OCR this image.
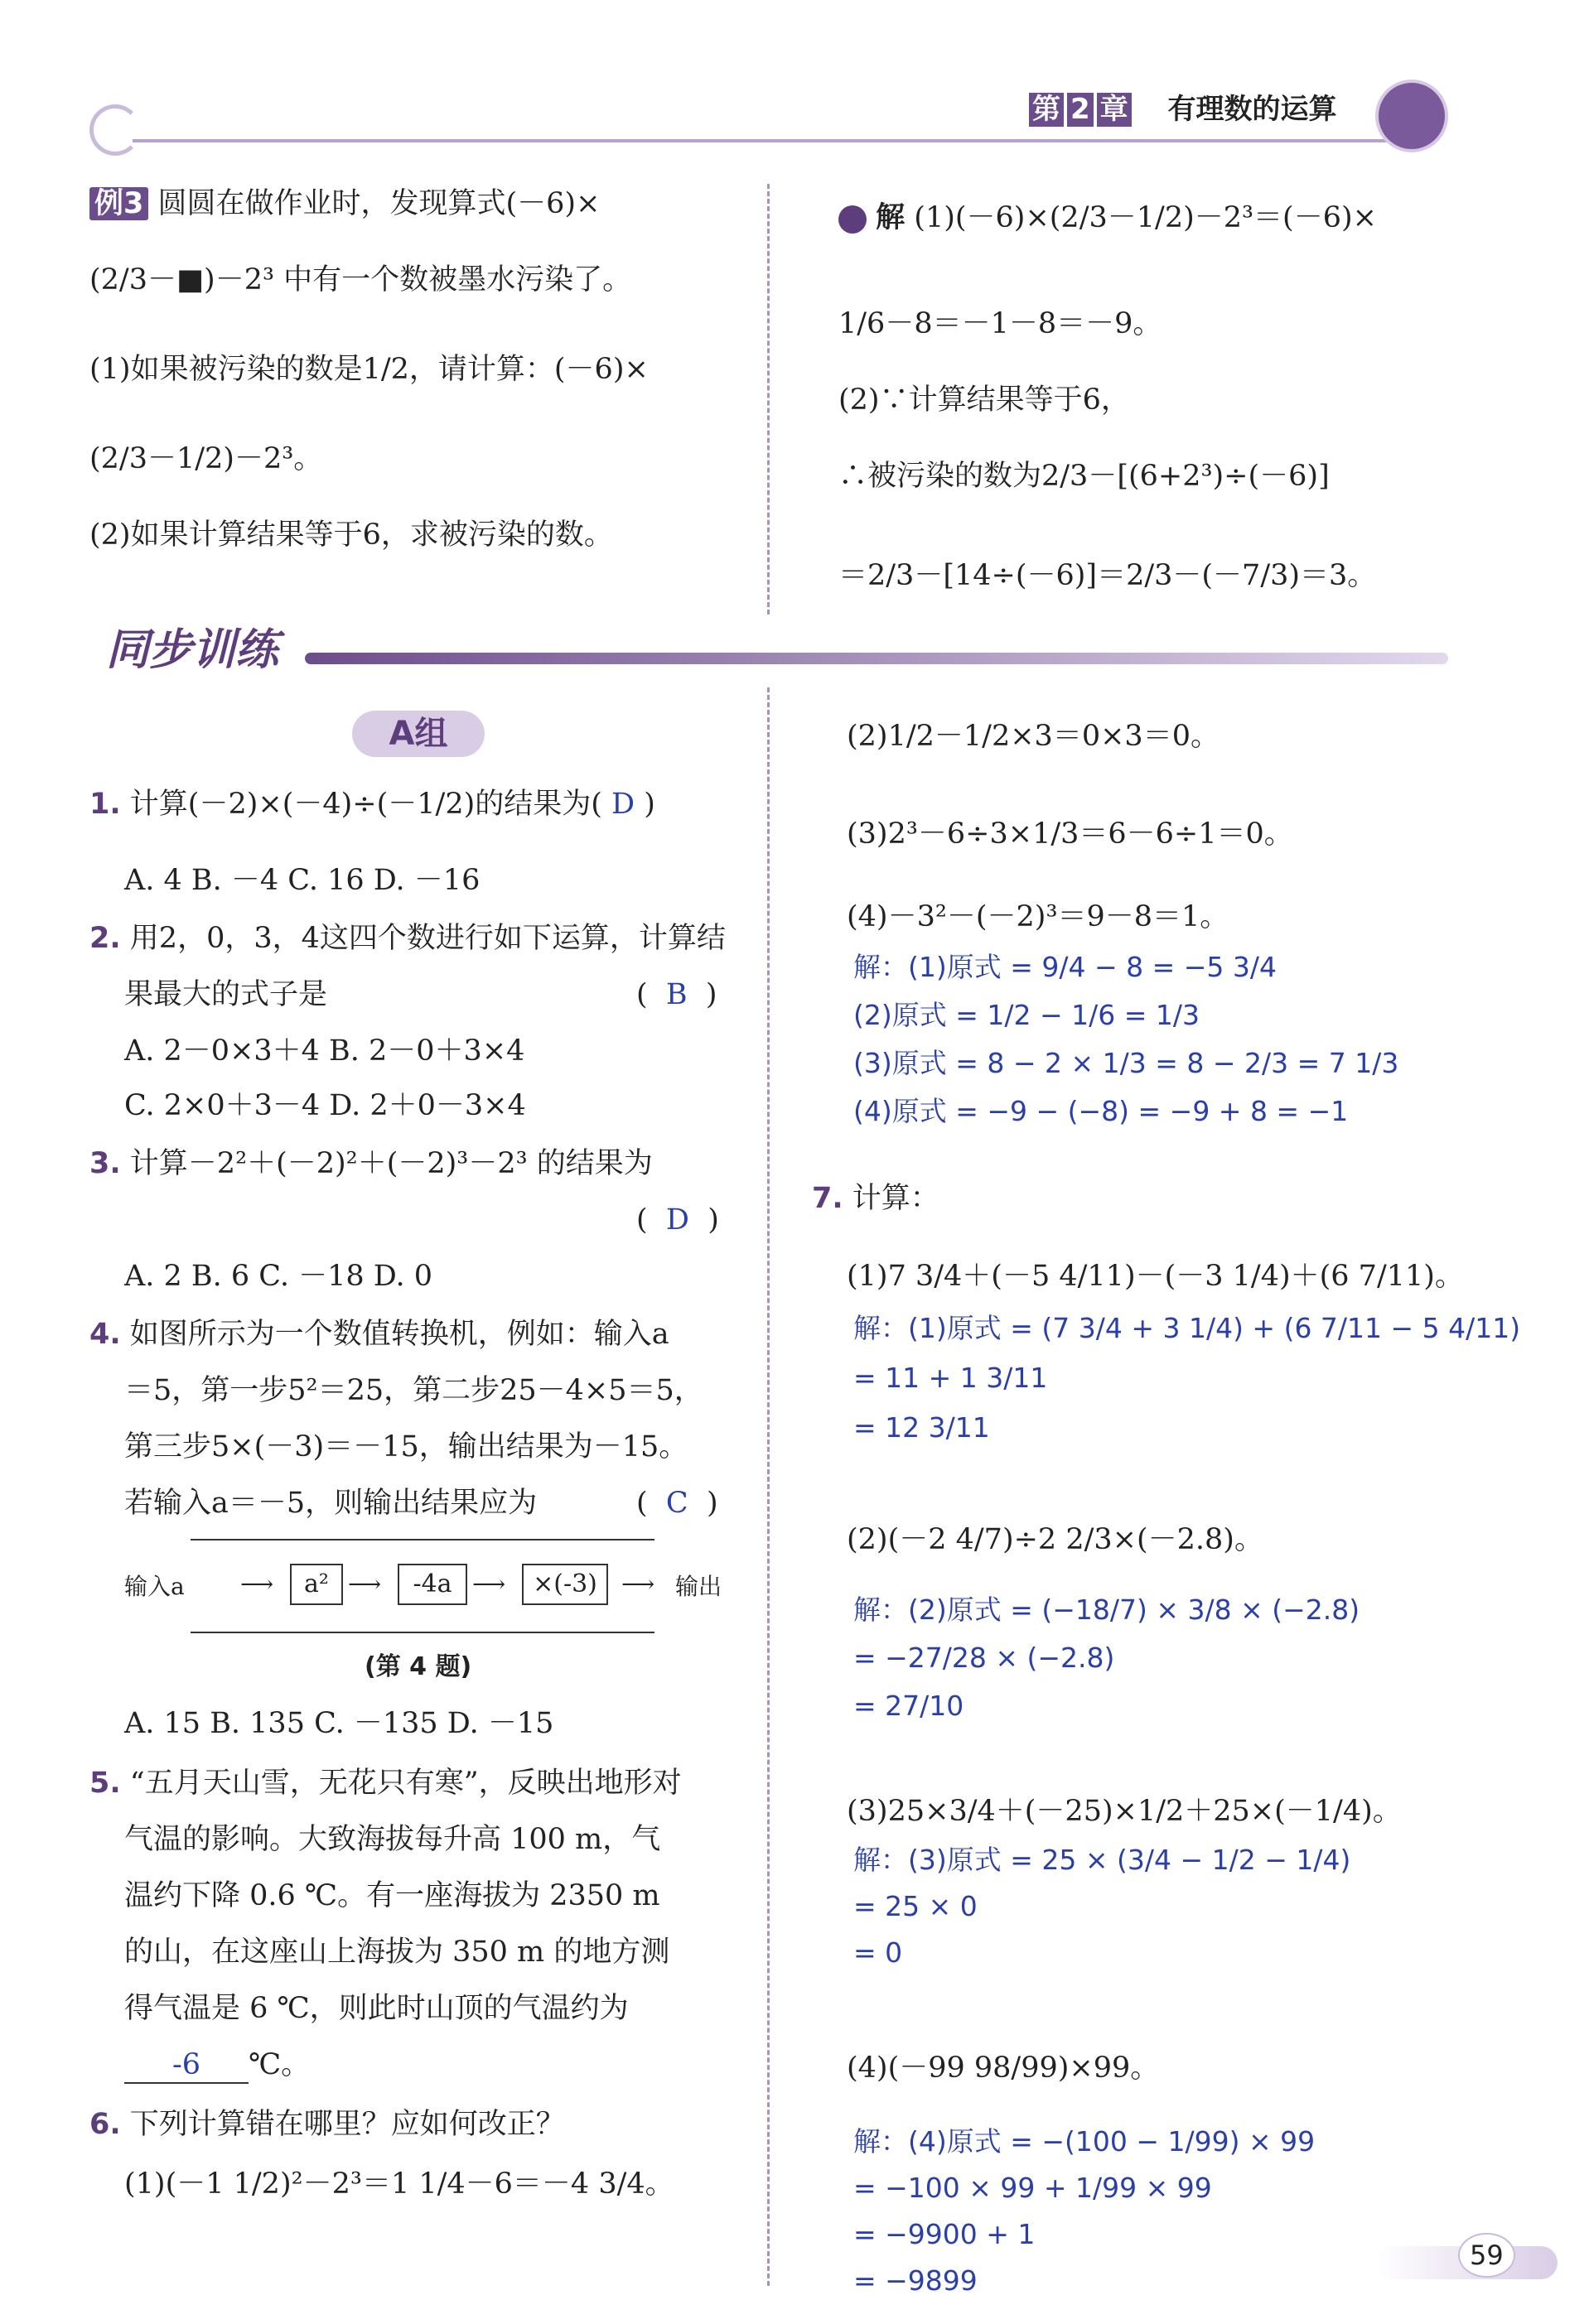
第 2 章 有理数的运算
例3 圆圆在做作业时，发现算式(－6)×
(2/3－■)－2³ 中有一个数被墨水污染了。
(1)如果被污染的数是1/2，请计算：(－6)×
(2/3－1/2)－2³。
(2)如果计算结果等于6，求被污染的数。
解 (1)(－6)×(2/3－1/2)－2³＝(－6)×
1/6－8＝－1－8＝－9。
(2)∵计算结果等于6，
∴被污染的数为2/3－[(6+2³)÷(－6)]
＝2/3－[14÷(－6)]＝2/3－(－7/3)＝3。
同步训练
A组
1. 计算(－2)×(－4)÷(－1/2)的结果为( D )
A. 4 B. －4 C. 16 D. －16
2. 用2，0，3，4这四个数进行如下运算，计算结
果最大的式子是	(  B  )
A. 2－0×3＋4 B. 2－0＋3×4
C. 2×0＋3－4 D. 2＋0－3×4
3. 计算－2²＋(－2)²＋(－2)³－2³ 的结果为
(  D  )
A. 2 B. 6 C. －18 D. 0
4. 如图所示为一个数值转换机，例如：输入a
＝5，第一步5²＝25，第二步25－4×5＝5，
第三步5×(－3)＝－15，输出结果为－15。
若输入a＝－5，则输出结果应为	(  C  )
输入a ⟶	a² ⟶	-4a ⟶	×(-3)	⟶ 输出
(第 4 题)
A. 15 B. 135 C. －135 D. －15
5. “五月天山雪，无花只有寒”，反映出地形对
气温的影响。大致海拔每升高 100 m，气
温约下降 0.6 ℃。有一座海拔为 2350 m
的山，在这座山上海拔为 350 m 的地方测
得气温是 6 ℃，则此时山顶的气温约为
-6 ℃。
6. 下列计算错在哪里？应如何改正？
(1)(－1 1/2)²－2³＝1 1/4－6＝－4 3/4。
(2)1/2－1/2×3＝0×3＝0。
(3)2³－6÷3×1/3＝6－6÷1＝0。
(4)－3²－(－2)³＝9－8＝1。
解：(1)原式 = 9/4 − 8 = −5 3/4
(2)原式 = 1/2 − 1/6 = 1/3
(3)原式 = 8 − 2 × 1/3 = 8 − 2/3 = 7 1/3
(4)原式 = −9 − (−8) = −9 + 8 = −1
7. 计算：
(1)7 3/4＋(－5 4/11)－(－3 1/4)＋(6 7/11)。
解：(1)原式 = (7 3/4 + 3 1/4) + (6 7/11 − 5 4/11)
= 11 + 1 3/11
= 12 3/11
(2)(－2 4/7)÷2 2/3×(－2.8)。
解：(2)原式 = (−18/7) × 3/8 × (−2.8)
= −27/28 × (−2.8)
= 27/10
(3)25×3/4＋(－25)×1/2＋25×(－1/4)。
解：(3)原式 = 25 × (3/4 − 1/2 − 1/4)
= 25 × 0
= 0
(4)(－99 98/99)×99。
解：(4)原式 = −(100 − 1/99) × 99
= −100 × 99 + 1/99 × 99
= −9900 + 1
= −9899
59
